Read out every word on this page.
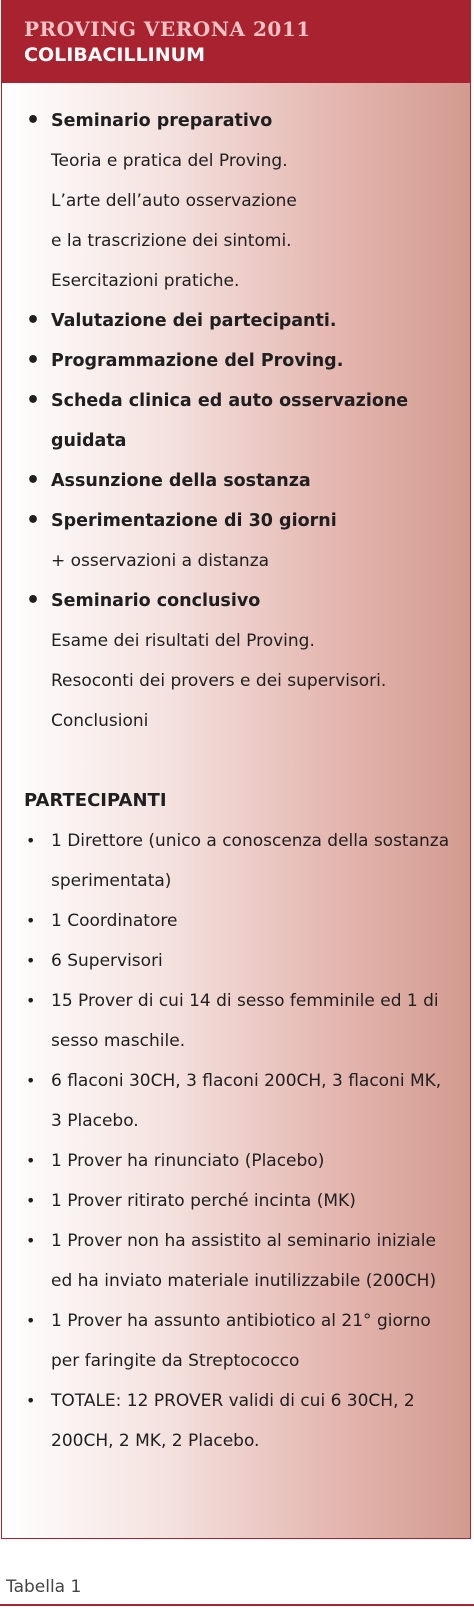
PROVING VERONA 2011
COLIBACILLINUM
• Seminario preparativo
Teoria e pratica del Proving.
L’arte dell’auto osservazione
e la trascrizione dei sintomi.
Esercitazioni pratiche.
• Valutazione dei partecipanti.
• Programmazione del Proving.
• Scheda clinica ed auto osservazione guidata
• Assunzione della sostanza
• Sperimentazione di 30 giorni
+ osservazioni a distanza
• Seminario conclusivo
Esame dei risultati del Proving.
Resoconti dei provers e dei supervisori.
Conclusioni
PARTECIPANTI
• 1 Direttore (unico a conoscenza della sostanza sperimentata)
• 1 Coordinatore
• 6 Supervisori
• 15 Prover di cui 14 di sesso femminile ed 1 di sesso maschile.
• 6 flaconi 30CH, 3 flaconi 200CH, 3 flaconi MK, 3 Placebo.
• 1 Prover ha rinunciato (Placebo)
• 1 Prover ritirato perché incinta (MK)
• 1 Prover non ha assistito al seminario iniziale ed ha inviato materiale inutilizzabile (200CH)
• 1 Prover ha assunto antibiotico al 21° giorno per faringite da Streptococco
• TOTALE: 12 PROVER validi di cui 6 30CH, 2 200CH, 2 MK, 2 Placebo.

Tabella 1
